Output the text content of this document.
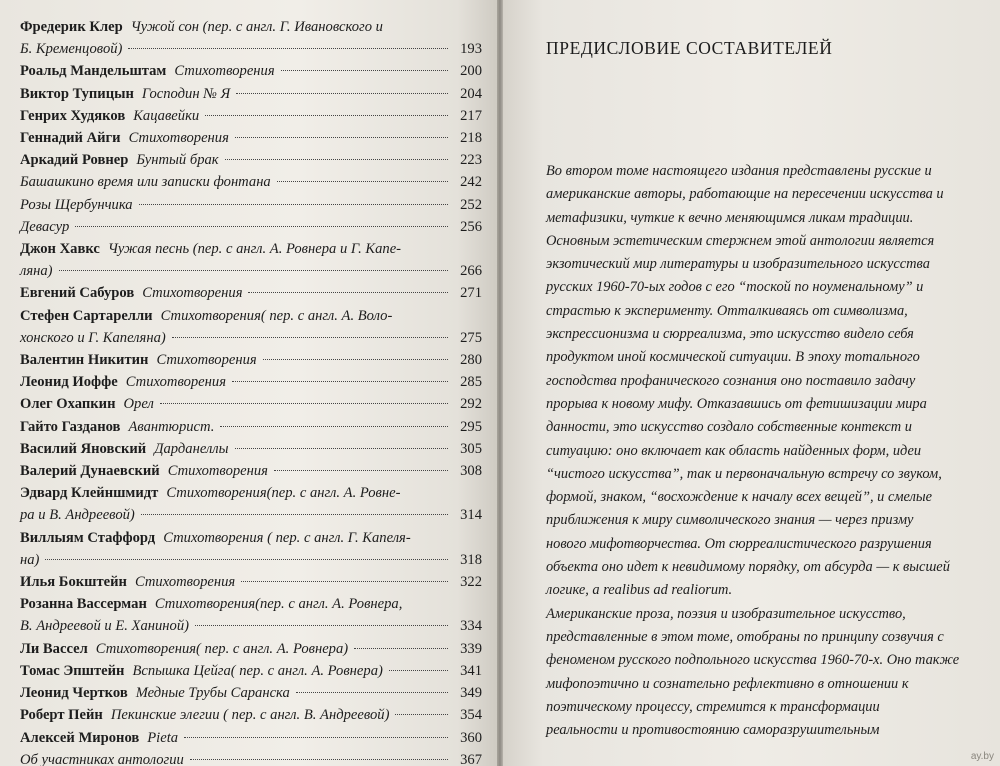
Фредерик Клер Чужой сон (пер. с англ. Г. Ивановского и
Б. Кременцовой)	193
Роальд Мандельштам Стихотворения	200
Виктор Тупицын Господин № Я	204
Генрих Худяков Кацавейки	217
Геннадий Айги Стихотворения	218
Аркадий Ровнер Бунтый брак	223
Башашкино время или записки фонтана	242
Розы Щербунчика	252
Девасур	256
Джон Хавкс Чужая песнь (пер. с англ. А. Ровнера и Г. Капе-
ляна)	266
Евгений Сабуров Стихотворения	271
Стефен Сартарелли Стихотворения( пер. с англ. А. Воло-
хонского и Г. Капеляна)	275
Валентин Никитин Стихотворения	280
Леонид Иоффе Стихотворения	285
Олег Охапкин Орел	292
Гайто Газданов Авантюрист.	295
Василий Яновский Дарданеллы	305
Валерий Дунаевский Стихотворения	308
Эдвард Клейншмидт Стихотворения(пер. с англ. А. Ровне-
ра и В. Андреевой)	314
Виллыям Стаффорд Стихотворения ( пер. с англ. Г. Капеля-
на)	318
Илья Бокштейн Стихотворения	322
Розанна Вассерман Стихотворения(пер. с англ. А. Ровнера,
В. Андреевой и Е. Ханиной)	334
Ли Вассел Стихотворения( пер. с англ. А. Ровнера)	339
Томас Эпштейн Вспышка Цейга( пер. с англ. А. Ровнера)	341
Леонид Чертков Медные Трубы Саранска	349
Роберт Пейн Пекинские элегии ( пер. с англ. В. Андреевой)	354
Алексей Миронов Pieta	360
Об участниках антологии	367
ПРЕДИСЛОВИЕ СОСТАВИТЕЛЕЙ

Во втором томе настоящего издания представлены русские и

американские авторы, работающие на пересечении искусства и

метафизики, чуткие к вечно меняющимся ликам традиции.

Основным эстетическим стержнем этой антологии является

экзотический мир литературы и изобразительного искусства

русских 1960-70-ых годов с его “тоской по ноуменальному” и

страстью к эксперименту. Отталкиваясь от символизма,

экспрессионизма и сюрреализма, это искусство видело себя

продуктом иной космической ситуации. В эпоху тотального

господства профанического сознания оно поставило задачу

прорыва к новому мифу. Отказавшись от фетишизации мира

данности, это искусство создало собственные контекст и

ситуацию: оно включает как область найденных форм, идеи

“чистого искусства”, так и первоначальную встречу со звуком,

формой, знаком, “восхождение к началу всех вещей”, и смелые

приближения к миру символического знания — через призму

нового мифотворчества. От сюрреалистического разрушения

объекта оно идет к невидимому порядку, от абсурда — к высшей

логике, a realibus ad realiorum.

Американские проза, поэзия и изобразительное искусство,

представленные в этом томе, отобраны по принципу созвучия с

феноменом русского подпольного искусства 1960-70-х. Оно также

мифопоэтично и сознательно рефлективно в отношении к

поэтическому процессу, стремится к трансформации

реальности и противостоянию саморазрушительным

ay.by
